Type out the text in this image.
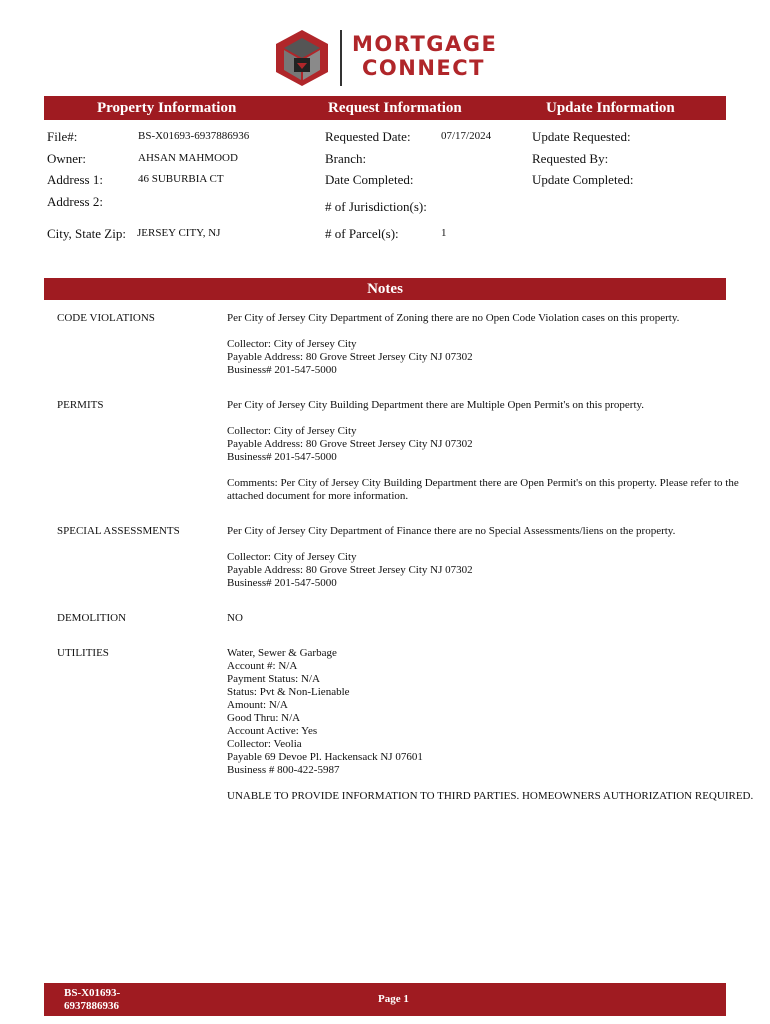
MORTGAGE
CONNECT
Property Information	Request Information	Update Information
File#:	BS-X01693-6937886936
Owner:	AHSAN MAHMOOD
Address 1:	46 SUBURBIA CT
Address 2:
City, State Zip: JERSEY CITY, NJ
Requested Date:	07/17/2024
Branch:
Date Completed:
# of Jurisdiction(s):
# of Parcel(s):	1
Update Requested:
Requested By:
Update Completed:
Notes
CODE VIOLATIONS	Per City of Jersey City Department of Zoning there are no Open Code Violation cases on this property.

Collector: City of Jersey City
Payable Address: 80 Grove Street Jersey City NJ 07302
Business# 201-547-5000

PERMITS	Per City of Jersey City Building Department there are Multiple Open Permit's on this property.

Collector: City of Jersey City
Payable Address: 80 Grove Street Jersey City NJ 07302
Business# 201-547-5000

Comments: Per City of Jersey City Building Department there are Open Permit's on this property. Please refer to the attached document for more information.

SPECIAL ASSESSMENTS	Per City of Jersey City Department of Finance there are no Special Assessments/liens on the property.

Collector: City of Jersey City
Payable Address: 80 Grove Street Jersey City NJ 07302
Business# 201-547-5000

DEMOLITION	NO

UTILITIES	Water, Sewer & Garbage
Account #: N/A
Payment Status: N/A
Status: Pvt & Non-Lienable
Amount: N/A
Good Thru: N/A
Account Active: Yes
Collector: Veolia
Payable 69 Devoe Pl. Hackensack NJ 07601
Business # 800-422-5987

UNABLE TO PROVIDE INFORMATION TO THIRD PARTIES. HOMEOWNERS AUTHORIZATION REQUIRED.

BS-X01693-6937886936
Page 1
